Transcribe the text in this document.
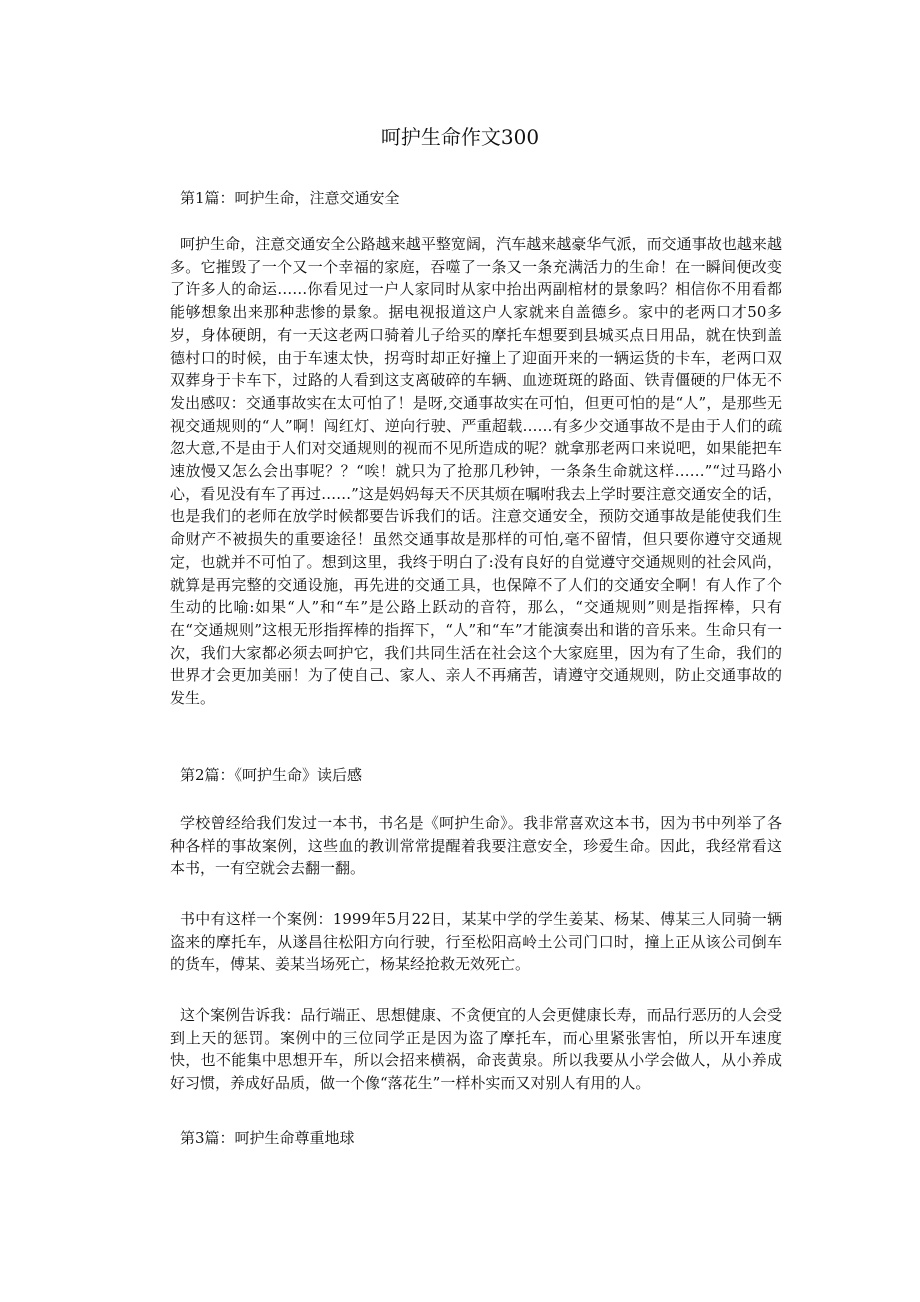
呵护生命作文300
第1篇：呵护生命，注意交通安全

呵护生命，注意交通安全公路越来越平整宽阔，汽车越来越豪华气派，而交通事故也越来越多。它摧毁了一个又一个幸福的家庭，吞噬了一条又一条充满活力的生命！在一瞬间便改变了许多人的命运……你看见过一户人家同时从家中抬出两副棺材的景象吗？相信你不用看都能够想象出来那种悲惨的景象。据电视报道这户人家就来自盖德乡。家中的老两口才50多岁，身体硬朗，有一天这老两口骑着儿子给买的摩托车想要到县城买点日用品，就在快到盖德村口的时候，由于车速太快，拐弯时却正好撞上了迎面开来的一辆运货的卡车，老两口双双葬身于卡车下，过路的人看到这支离破碎的车辆、血迹斑斑的路面、铁青僵硬的尸体无不发出感叹：交通事故实在太可怕了！是呀,交通事故实在可怕，但更可怕的是“人”，是那些无视交通规则的“人”啊！闯红灯、逆向行驶、严重超载……有多少交通事故不是由于人们的疏忽大意,不是由于人们对交通规则的视而不见所造成的呢？就拿那老两口来说吧，如果能把车速放慢又怎么会出事呢？？“唉！就只为了抢那几秒钟，一条条生命就这样……”“过马路小心，看见没有车了再过……”这是妈妈每天不厌其烦在嘱咐我去上学时要注意交通安全的话，也是我们的老师在放学时候都要告诉我们的话。注意交通安全，预防交通事故是能使我们生命财产不被损失的重要途径！虽然交通事故是那样的可怕,毫不留情，但只要你遵守交通规定，也就并不可怕了。想到这里，我终于明白了:没有良好的自觉遵守交通规则的社会风尚，就算是再完整的交通设施，再先进的交通工具，也保障不了人们的交通安全啊！有人作了个生动的比喻:如果“人”和“车”是公路上跃动的音符，那么，“交通规则”则是指挥棒，只有在“交通规则”这根无形指挥棒的指挥下，“人”和“车”才能演奏出和谐的音乐来。生命只有一次，我们大家都必须去呵护它，我们共同生活在社会这个大家庭里，因为有了生命，我们的世界才会更加美丽！为了使自己、家人、亲人不再痛苦，请遵守交通规则，防止交通事故的发生。

第2篇：《呵护生命》读后感

学校曾经给我们发过一本书，书名是《呵护生命》。我非常喜欢这本书，因为书中列举了各种各样的事故案例，这些血的教训常常提醒着我要注意安全，珍爱生命。因此，我经常看这本书，一有空就会去翻一翻。

书中有这样一个案例：1999年5月22日，某某中学的学生姜某、杨某、傅某三人同骑一辆盗来的摩托车，从遂昌往松阳方向行驶，行至松阳高岭土公司门口时，撞上正从该公司倒车的货车，傅某、姜某当场死亡，杨某经抢救无效死亡。

这个案例告诉我：品行端正、思想健康、不贪便宜的人会更健康长寿，而品行恶历的人会受到上天的惩罚。案例中的三位同学正是因为盗了摩托车，而心里紧张害怕，所以开车速度快，也不能集中思想开车，所以会招来横祸，命丧黄泉。所以我要从小学会做人，从小养成好习惯，养成好品质，做一个像“落花生”一样朴实而又对别人有用的人。

第3篇：呵护生命尊重地球
